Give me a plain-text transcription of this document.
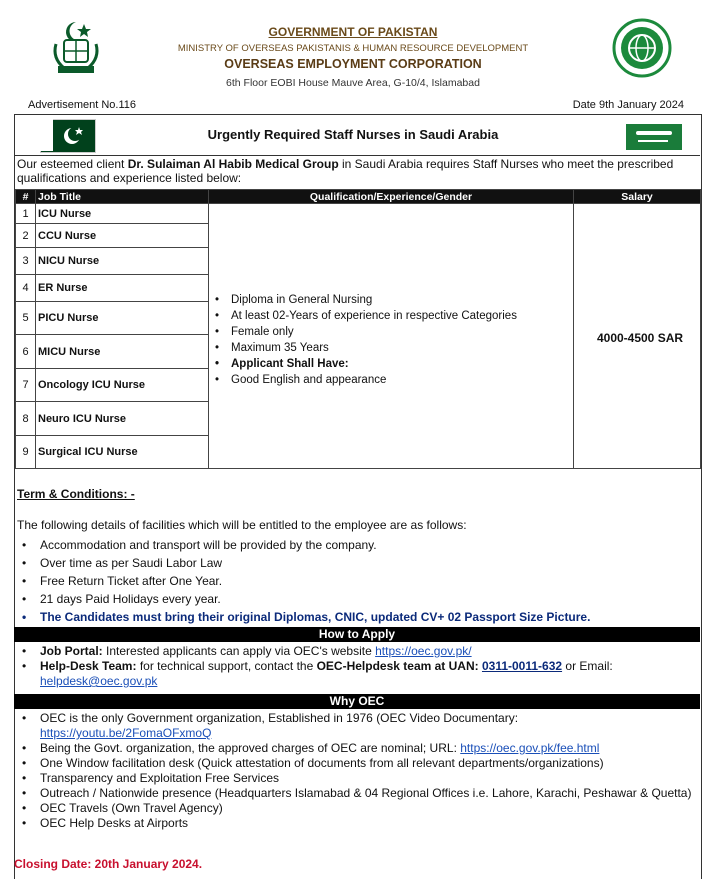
GOVERNMENT OF PAKISTAN
MINISTRY OF OVERSEAS PAKISTANIS & HUMAN RESOURCE DEVELOPMENT
OVERSEAS EMPLOYMENT CORPORATION
6th Floor EOBI House Mauve Area, G-10/4, Islamabad
Advertisement No.116	Date 9th January 2024
Urgently Required Staff Nurses in Saudi Arabia
Our esteemed client Dr. Sulaiman Al Habib Medical Group in Saudi Arabia requires Staff Nurses who meet the prescribed qualifications and experience listed below:
#	Job Title	Qualification/Experience/Gender	Salary
1	ICU Nurse		
2	CCU Nurse		
3	NICU Nurse		
4	ER Nurse		
5	PICU Nurse		
6	MICU Nurse		
7	Oncology ICU Nurse		
8	Neuro ICU Nurse		
9	Surgical ICU Nurse		
• Diploma in General Nursing
• At least 02-Years of experience in respective Categories
• Female only
• Maximum 35 Years
• Applicant Shall Have:
• Good English and appearance
4000-4500 SAR
Term & Conditions: -
The following details of facilities which will be entitled to the employee are as follows:
• Accommodation and transport will be provided by the company.
• Over time as per Saudi Labor Law
• Free Return Ticket after One Year.
• 21 days Paid Holidays every year.
• The Candidates must bring their original Diplomas, CNIC, updated CV+ 02 Passport Size Picture.
How to Apply
• Job Portal: Interested applicants can apply via OEC's website https://oec.gov.pk/
• Help-Desk Team: for technical support, contact the OEC-Helpdesk team at UAN: 0311-0011-632 or Email:
helpdesk@oec.gov.pk
Why OEC
• OEC is the only Government organization, Established in 1976 (OEC Video Documentary:
https://youtu.be/2FomaOFxmoQ
• Being the Govt. organization, the approved charges of OEC are nominal; URL: https://oec.gov.pk/fee.html
• One Window facilitation desk (Quick attestation of documents from all relevant departments/organizations)
• Transparency and Exploitation Free Services
• Outreach / Nationwide presence (Headquarters Islamabad & 04 Regional Offices i.e. Lahore, Karachi, Peshawar & Quetta)
• OEC Travels (Own Travel Agency)
• OEC Help Desks at Airports
Closing Date: 20th January 2024.
